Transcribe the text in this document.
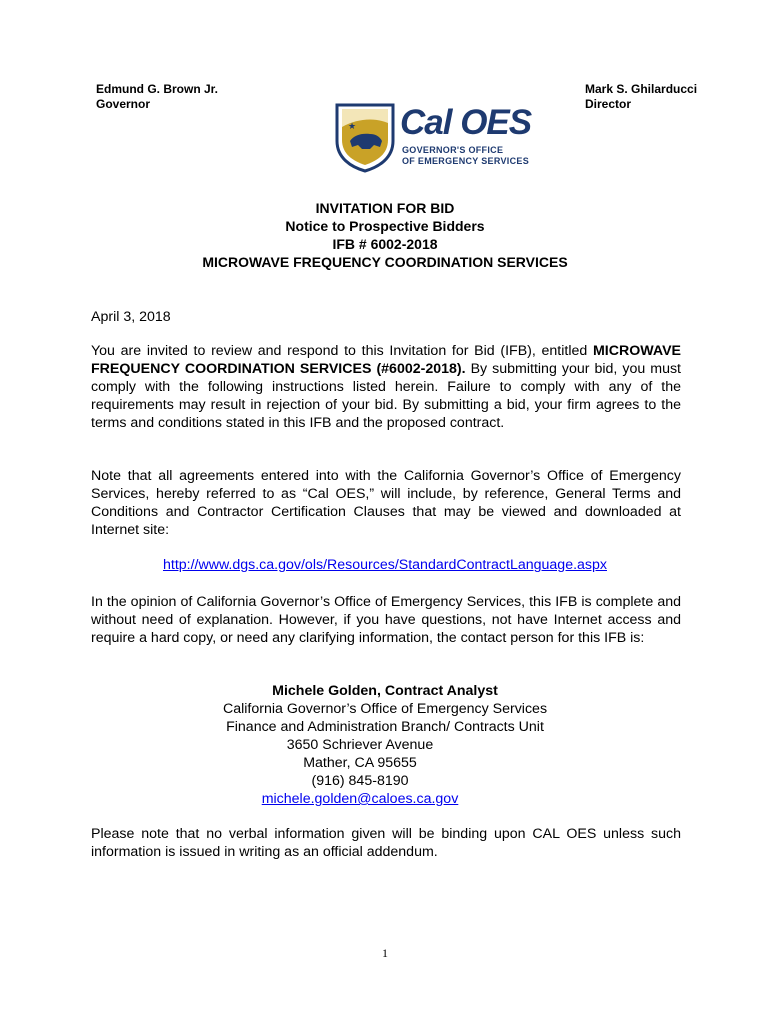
Edmund G. Brown Jr.
Governor
Mark S. Ghilarducci
Director
★ Cal OES
GOVERNOR'S OFFICE
OF EMERGENCY SERVICES
INVITATION FOR BID
Notice to Prospective Bidders
IFB # 6002-2018
MICROWAVE FREQUENCY COORDINATION SERVICES
April 3, 2018
You are invited to review and respond to this Invitation for Bid (IFB), entitled MICROWAVE FREQUENCY COORDINATION SERVICES (#6002-2018). By submitting your bid, you must comply with the following instructions listed herein. Failure to comply with any of the requirements may result in rejection of your bid. By submitting a bid, your firm agrees to the terms and conditions stated in this IFB and the proposed contract.
Note that all agreements entered into with the California Governor’s Office of Emergency Services, hereby referred to as “Cal OES,” will include, by reference, General Terms and Conditions and Contractor Certification Clauses that may be viewed and downloaded at Internet site:
http://www.dgs.ca.gov/ols/Resources/StandardContractLanguage.aspx
In the opinion of California Governor’s Office of Emergency Services, this IFB is complete and without need of explanation. However, if you have questions, not have Internet access and require a hard copy, or need any clarifying information, the contact person for this IFB is:
Michele Golden, Contract Analyst
California Governor’s Office of Emergency Services
Finance and Administration Branch/ Contracts Unit
3650 Schriever Avenue
Mather, CA 95655
(916) 845-8190
michele.golden@caloes.ca.gov
Please note that no verbal information given will be binding upon CAL OES unless such information is issued in writing as an official addendum.
1
